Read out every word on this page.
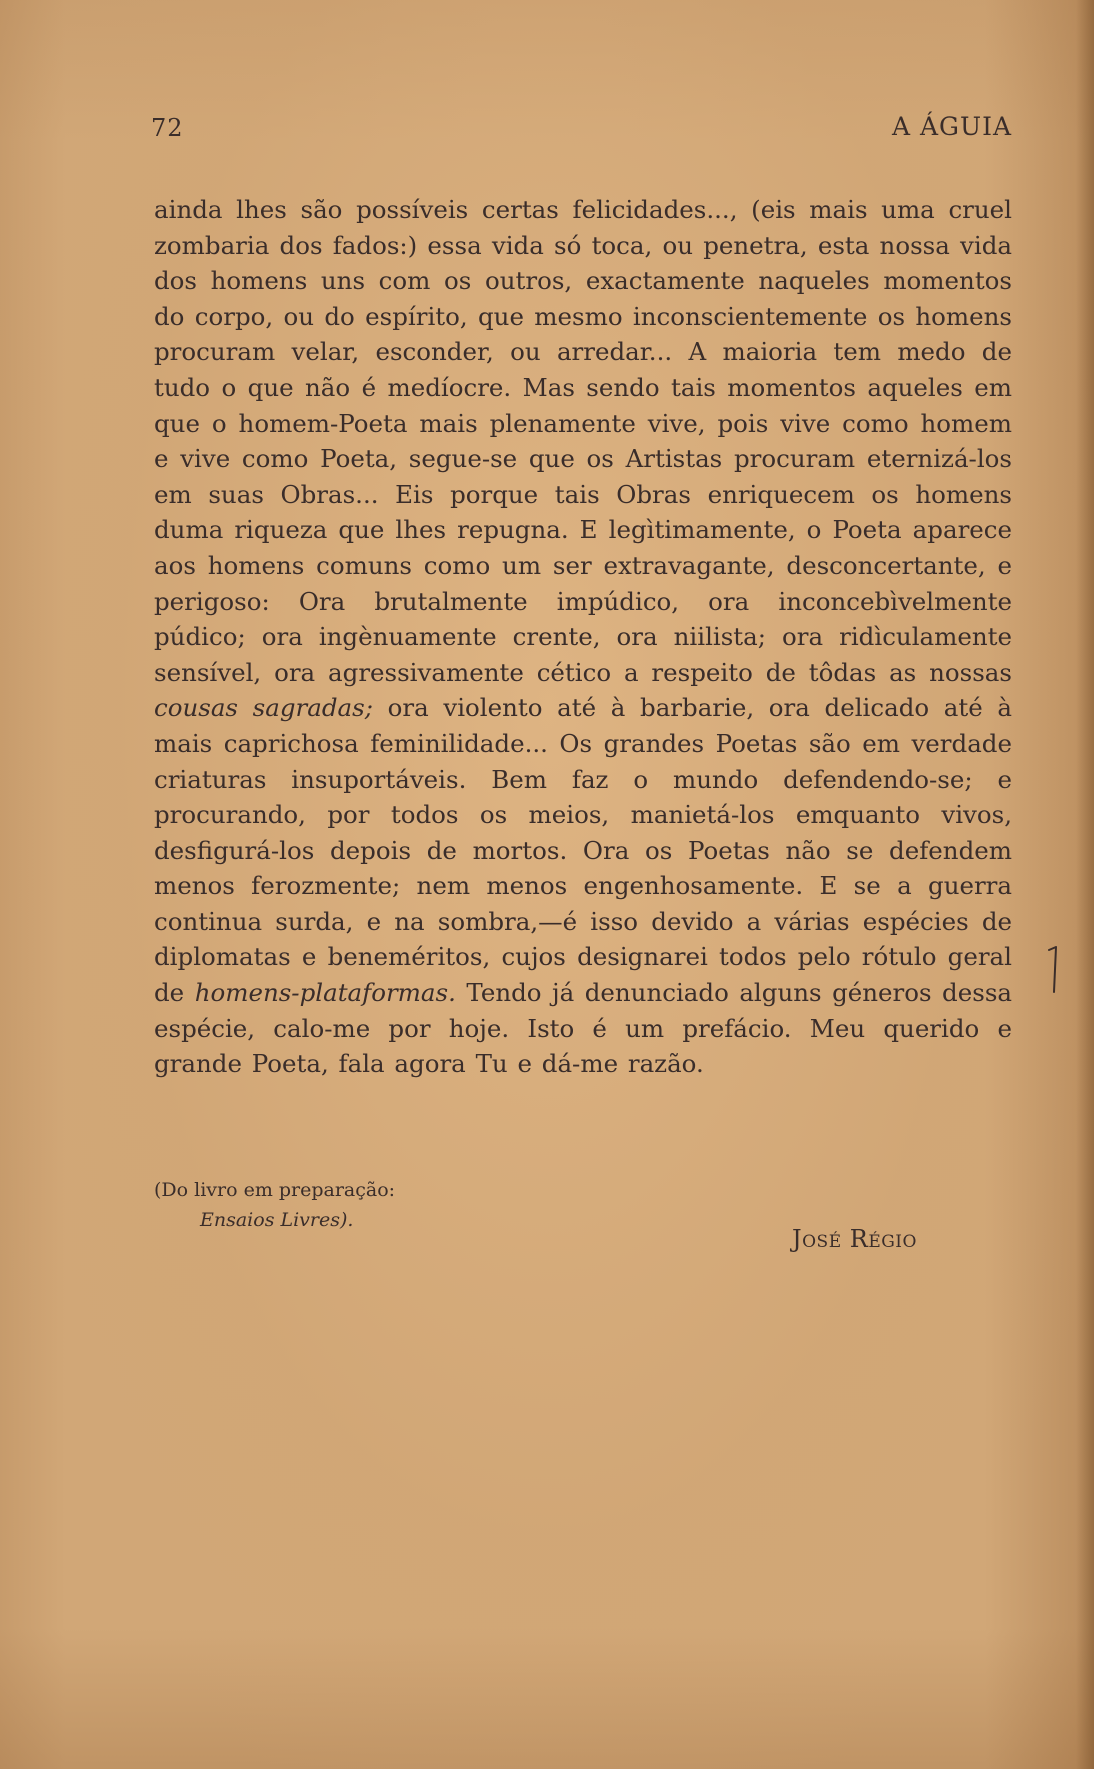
72	A ÁGUIA

ainda lhes são possíveis certas felicidades..., (eis mais uma cruel zombaria dos fados:) essa vida só toca, ou penetra, esta nossa vida dos homens uns com os outros, exactamente naqueles momentos do corpo, ou do espírito, que mesmo inconscientemente os homens procuram velar, esconder, ou arredar... A maioria tem medo de tudo o que não é medíocre. Mas sendo tais momentos aqueles em que o homem-Poeta mais plenamente vive, pois vive como homem e vive como Poeta, segue-se que os Artistas procuram eternizá-los em suas Obras... Eis porque tais Obras enriquecem os homens duma riqueza que lhes repugna. E legìtimamente, o Poeta aparece aos homens comuns como um ser extravagante, desconcertante, e perigoso: Ora brutalmente impúdico, ora inconcebìvelmente púdico; ora ingènuamente crente, ora niilista; ora ridìculamente sensível, ora agressivamente cético a respeito de tôdas as nossas cousas sagradas; ora violento até à barbarie, ora delicado até à mais caprichosa feminilidade... Os grandes Poetas são em verdade criaturas insuportáveis. Bem faz o mundo defendendo-se; e procurando, por todos os meios, manietá-los emquanto vivos, desfigurá-los depois de mortos. Ora os Poetas não se defendem menos ferozmente; nem menos engenhosamente. E se a guerra continua surda, e na sombra,—é isso devido a várias espécies de diplomatas e beneméritos, cujos designarei todos pelo rótulo geral de homens-plataformas. Tendo já denunciado alguns géneros dessa espécie, calo-me por hoje. Isto é um prefácio. Meu querido e grande Poeta, fala agora Tu e dá-me razão.

(Do livro em preparação:
Ensaios Livres).
José Régio
